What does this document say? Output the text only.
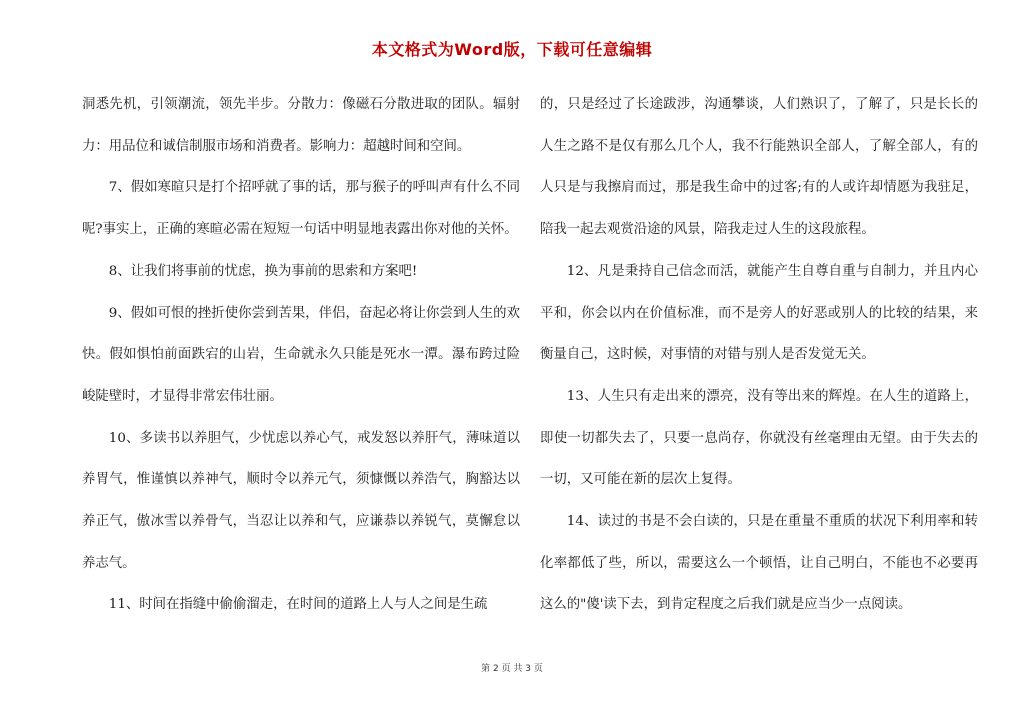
本文格式为Word版，下载可任意编辑

洞悉先机，引领潮流，领先半步。分散力：像磁石分散进取的团队。辐射力：用品位和诚信制服市场和消费者。影响力：超越时间和空间。

7、假如寒暄只是打个招呼就了事的话，那与猴子的呼叫声有什么不同呢?事实上，正确的寒暄必需在短短一句话中明显地表露出你对他的关怀。

8、让我们将事前的忧虑，换为事前的思索和方案吧!

9、假如可恨的挫折使你尝到苦果，伴侣，奋起必将让你尝到人生的欢快。假如惧怕前面跌宕的山岩，生命就永久只能是死水一潭。瀑布跨过险峻陡壁时，才显得非常宏伟壮丽。

10、多读书以养胆气，少忧虑以养心气，戒发怒以养肝气，薄味道以养胃气，惟谨慎以养神气，顺时令以养元气，须慷慨以养浩气，胸豁达以养正气，傲冰雪以养骨气，当忍让以养和气，应谦恭以养锐气，莫懈怠以养志气。

11、时间在指缝中偷偷溜走，在时间的道路上人与人之间是生疏

的，只是经过了长途跋涉，沟通攀谈，人们熟识了，了解了，只是长长的人生之路不是仅有那么几个人，我不行能熟识全部人，了解全部人，有的人只是与我擦肩而过，那是我生命中的过客;有的人或许却情愿为我驻足，陪我一起去观赏沿途的风景，陪我走过人生的这段旅程。

12、凡是秉持自己信念而活，就能产生自尊自重与自制力，并且内心平和，你会以内在价值标准，而不是旁人的好恶或别人的比较的结果，来衡量自己，这时候，对事情的对错与别人是否发觉无关。

13、人生只有走出来的漂亮，没有等出来的辉煌。在人生的道路上，即使一切都失去了，只要一息尚存，你就没有丝毫理由无望。由于失去的一切，又可能在新的层次上复得。

14、读过的书是不会白读的，只是在重量不重质的状况下利用率和转化率都低了些，所以，需要这么一个顿悟，让自己明白，不能也不必要再这么的"傻'读下去，到肯定程度之后我们就是应当少一点阅读。

第 2 页 共 3 页
